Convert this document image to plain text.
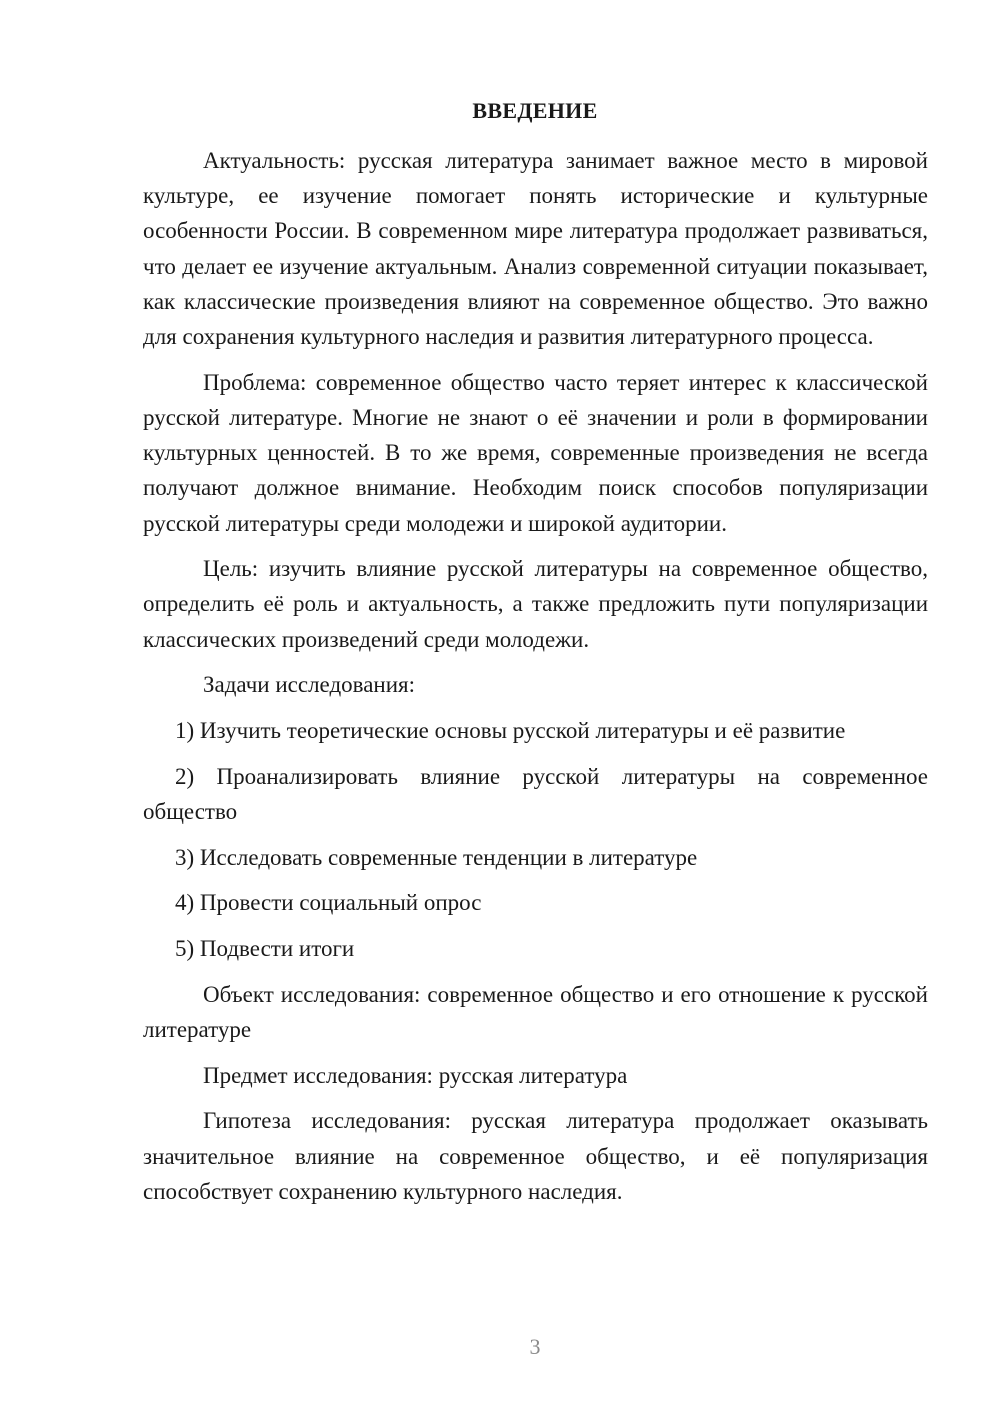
ВВЕДЕНИЕ

Актуальность: русская литература занимает важное место в мировой культуре, ее изучение помогает понять исторические и культурные особенности России. В современном мире литература продолжает развиваться, что делает ее изучение актуальным. Анализ современной ситуации показывает, как классические произведения влияют на современное общество. Это важно для сохранения культурного наследия и развития литературного процесса.

Проблема: современное общество часто теряет интерес к классической русской литературе. Многие не знают о её значении и роли в формировании культурных ценностей. В то же время, современные произведения не всегда получают должное внимание. Необходим поиск способов популяризации русской литературы среди молодежи и широкой аудитории.

Цель: изучить влияние русской литературы на современное общество, определить её роль и актуальность, а также предложить пути популяризации классических произведений среди молодежи.

Задачи исследования:

1) Изучить теоретические основы русской литературы и её развитие

2) Проанализировать влияние русской литературы на современное общество

3) Исследовать современные тенденции в литературе

4) Провести социальный опрос

5) Подвести итоги

Объект исследования: современное общество и его отношение к русской литературе

Предмет исследования: русская литература

Гипотеза исследования: русская литература продолжает оказывать значительное влияние на современное общество, и её популяризация способствует сохранению культурного наследия.

3
